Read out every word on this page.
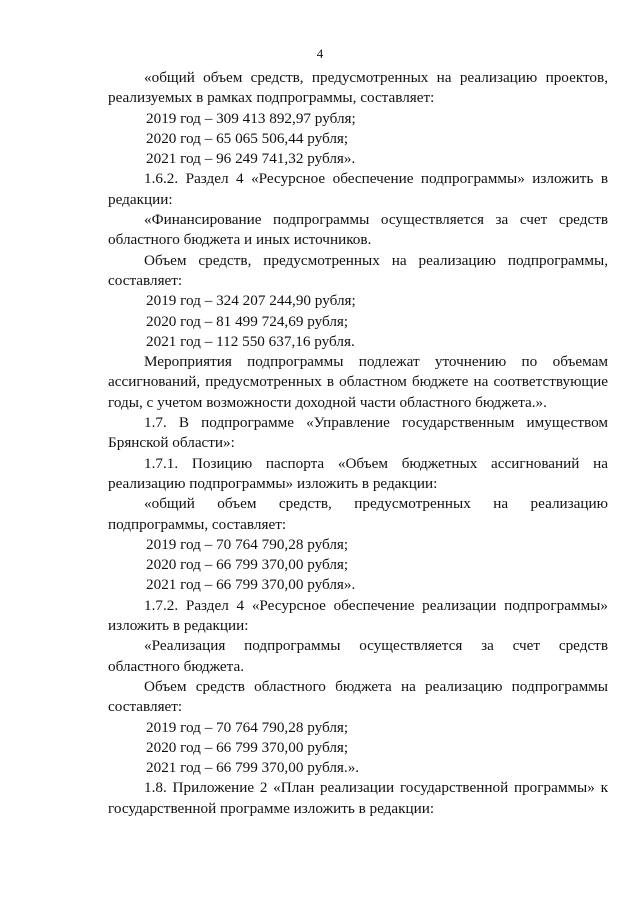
4
«общий объем средств, предусмотренных на реализацию проектов, реализуемых в рамках подпрограммы, составляет:
2019 год – 309 413 892,97 рубля;
2020 год – 65 065 506,44 рубля;
2021 год – 96 249 741,32 рубля».
1.6.2. Раздел 4 «Ресурсное обеспечение подпрограммы» изложить в редакции:
«Финансирование подпрограммы осуществляется за счет средств областного бюджета и иных источников.
Объем средств, предусмотренных на реализацию подпрограммы, составляет:
2019 год – 324 207 244,90 рубля;
2020 год – 81 499 724,69 рубля;
2021 год – 112 550 637,16 рубля.
Мероприятия подпрограммы подлежат уточнению по объемам ассигнований, предусмотренных в областном бюджете на соответствующие годы, с учетом возможности доходной части областного бюджета.».
1.7. В подпрограмме «Управление государственным имуществом Брянской области»:
1.7.1. Позицию паспорта «Объем бюджетных ассигнований на реализацию подпрограммы» изложить в редакции:
«общий объем средств, предусмотренных на реализацию подпрограммы, составляет:
2019 год – 70 764 790,28 рубля;
2020 год – 66 799 370,00 рубля;
2021 год – 66 799 370,00 рубля».
1.7.2. Раздел 4 «Ресурсное обеспечение реализации подпрограммы» изложить в редакции:
«Реализация подпрограммы осуществляется за счет средств областного бюджета.
Объем средств областного бюджета на реализацию подпрограммы составляет:
2019 год – 70 764 790,28 рубля;
2020 год – 66 799 370,00 рубля;
2021 год – 66 799 370,00 рубля.».
1.8. Приложение 2 «План реализации государственной программы» к государственной программе изложить в редакции:
